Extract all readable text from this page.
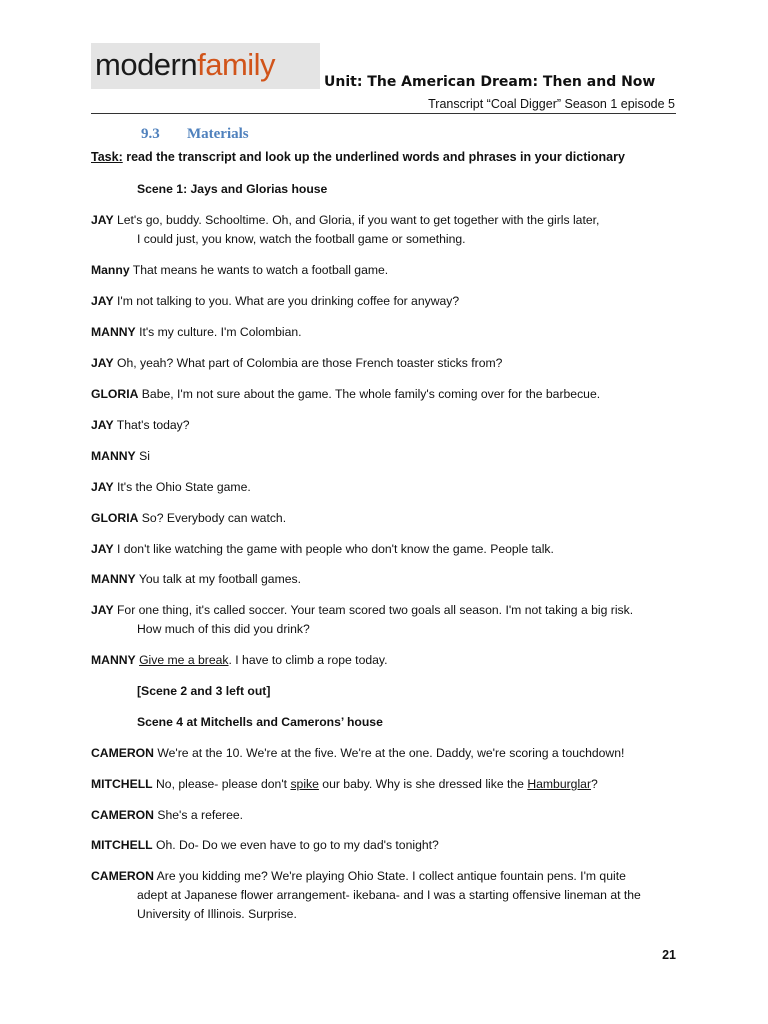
modernfamily	Unit: The American Dream: Then and Now
Transcript “Coal Digger” Season 1 episode 5
9.3 Materials
Task: read the transcript and look up the underlined words and phrases in your dictionary
Scene 1: Jays and Glorias house
JAY Let's go, buddy. Schooltime. Oh, and Gloria, if you want to get together with the girls later,
I could just, you know, watch the football game or something.
Manny That means he wants to watch a football game.
JAY I'm not talking to you. What are you drinking coffee for anyway?
MANNY It's my culture. I'm Colombian.
JAY Oh, yeah? What part of Colombia are those French toaster sticks from?
GLORIA Babe, I'm not sure about the game. The whole family's coming over for the barbecue.
JAY That's today?
MANNY Si
JAY It's the Ohio State game.
GLORIA So? Everybody can watch.
JAY I don't like watching the game with people who don't know the game. People talk.
MANNY You talk at my football games.
JAY For one thing, it's called soccer. Your team scored two goals all season. I'm not taking a big risk.
How much of this did you drink?
MANNY Give me a break. I have to climb a rope today.
[Scene 2 and 3 left out]
Scene 4 at Mitchells and Camerons’ house
CAMERON We're at the 10. We're at the five. We're at the one. Daddy, we're scoring a touchdown!
MITCHELL No, please- please don't spike our baby. Why is she dressed like the Hamburglar?
CAMERON She's a referee.
MITCHELL Oh. Do- Do we even have to go to my dad's tonight?
CAMERON Are you kidding me? We're playing Ohio State. I collect antique fountain pens. I'm quite
adept at Japanese flower arrangement- ikebana- and I was a starting offensive lineman at the
University of Illinois. Surprise.
21
